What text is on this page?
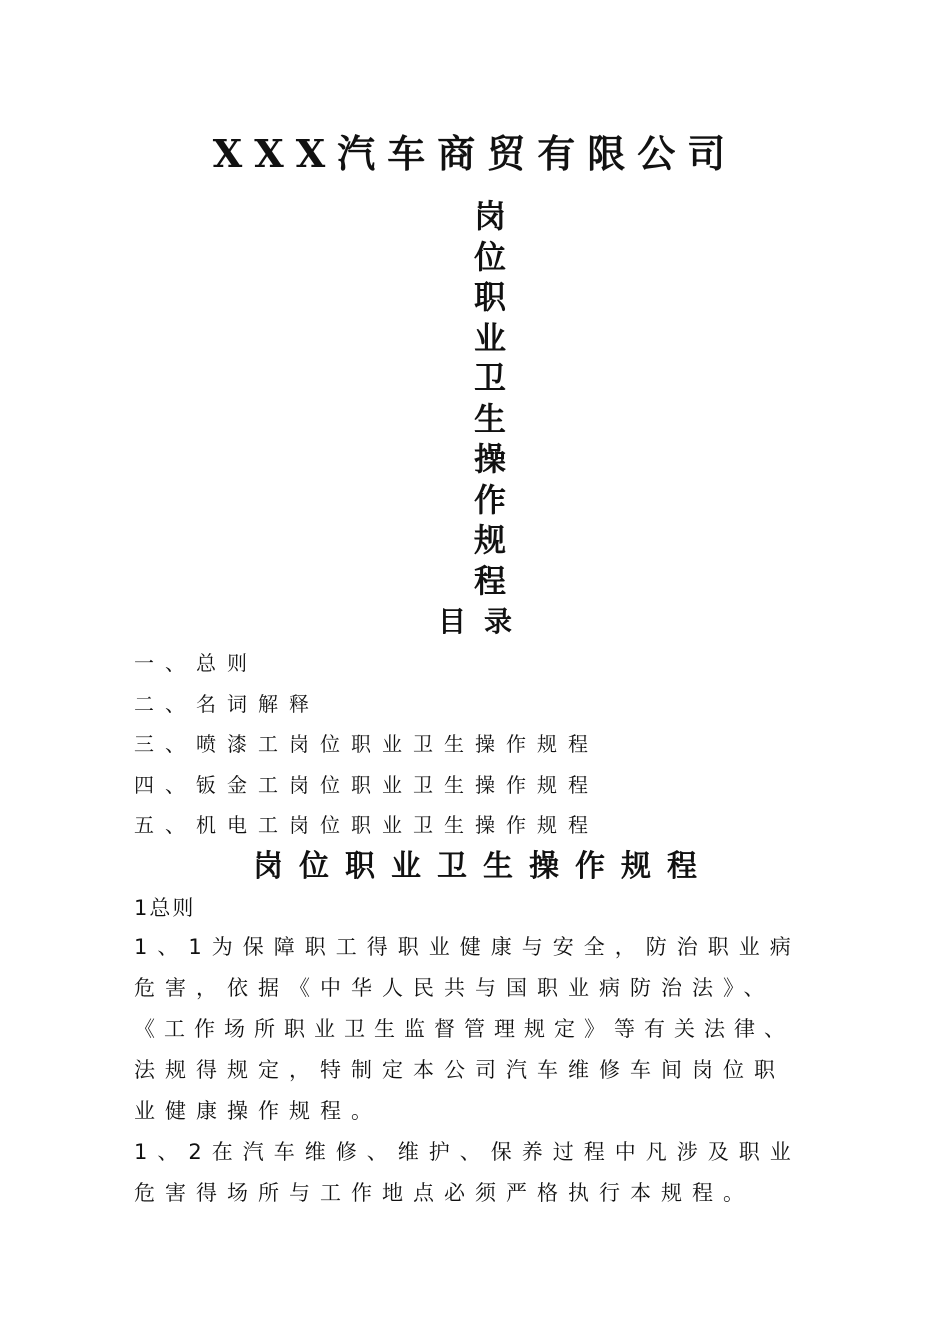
XXX汽车商贸有限公司
岗
位
职
业
卫
生
操
作
规
程
目录
一、总则
二、名词解释
三、喷漆工岗位职业卫生操作规程
四、钣金工岗位职业卫生操作规程
五、机电工岗位职业卫生操作规程
岗位职业卫生操作规程
1总则
1、1为保障职工得职业健康与安全，防治职业病
危害，依据《中华人民共与国职业病防治法》、
《工作场所职业卫生监督管理规定》等有关法律、
法规得规定，特制定本公司汽车维修车间岗位职
业健康操作规程。
1、2在汽车维修、维护、保养过程中凡涉及职业
危害得场所与工作地点必须严格执行本规程。
